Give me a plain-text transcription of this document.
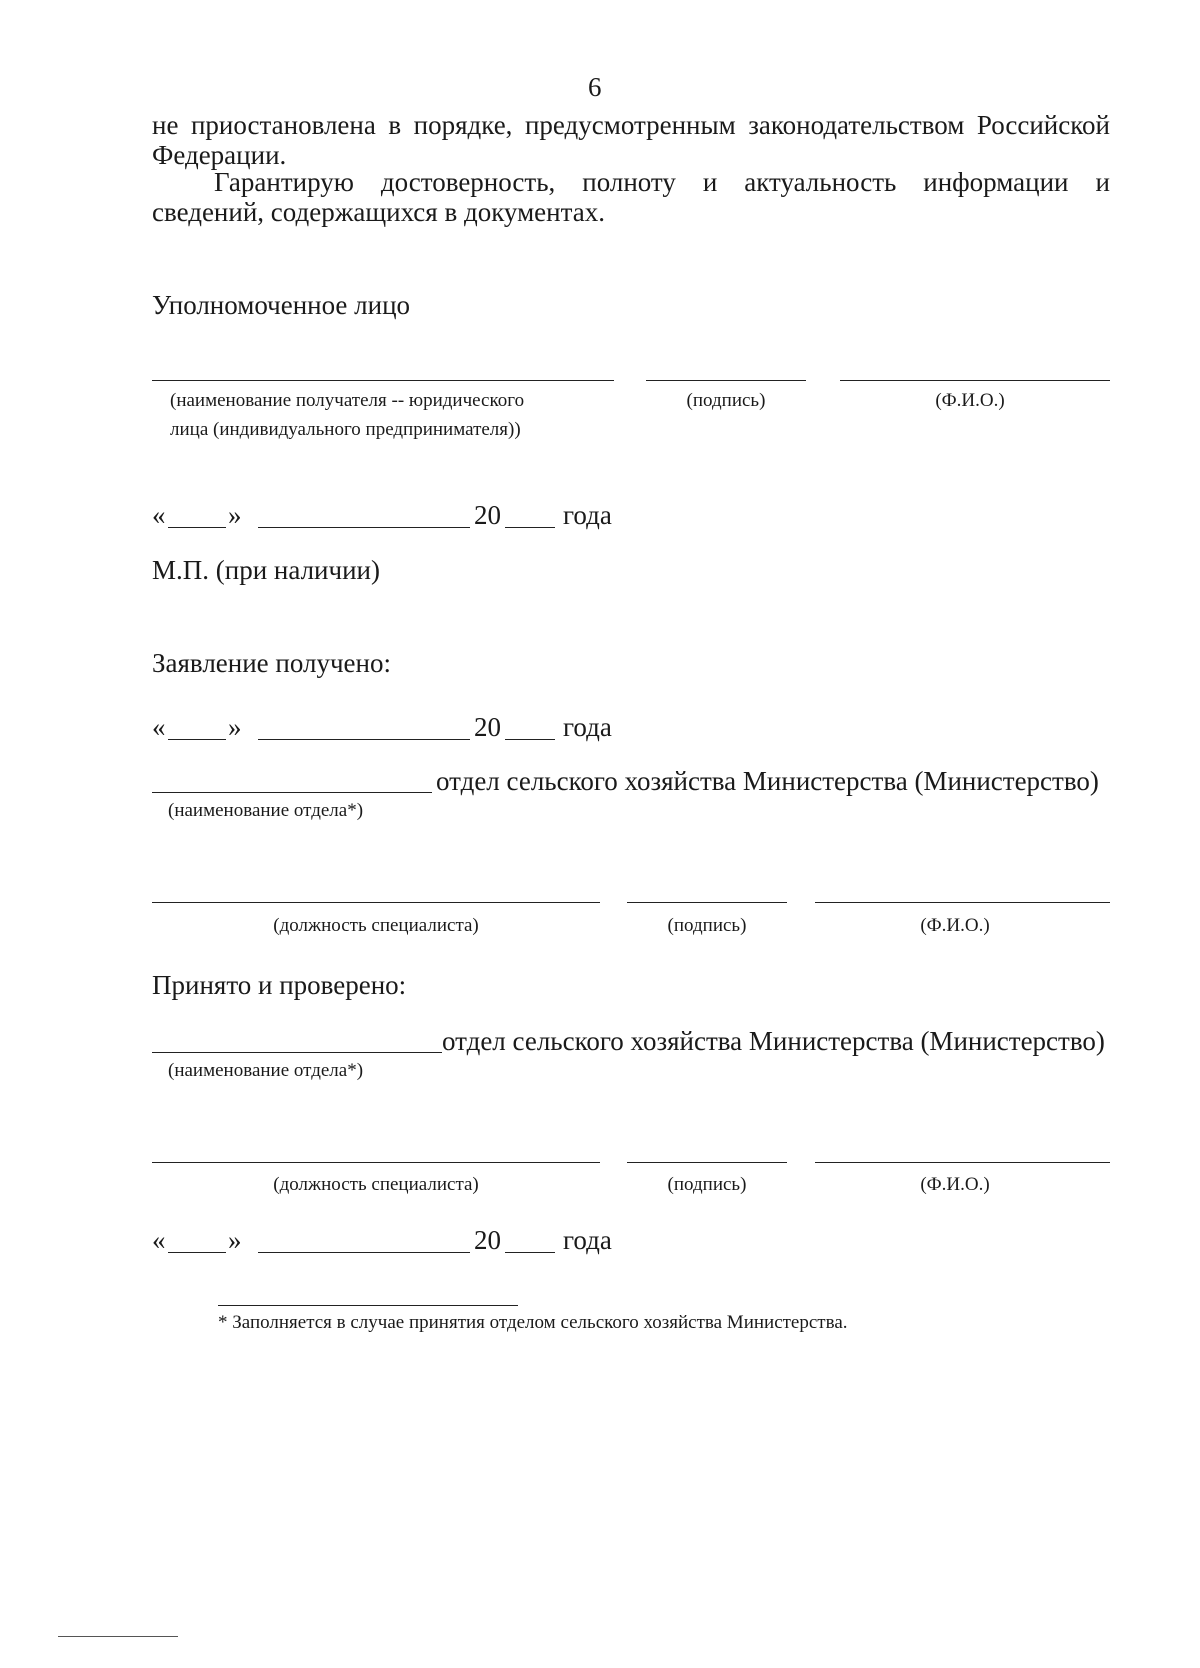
6
не приостановлена в порядке, предусмотренным законодательством Российской
Федерации.
Гарантирую достоверность, полноту и актуальность информации и
сведений, содержащихся в документах.
Уполномоченное лицо
(наименование получателя -- юридического
лица (индивидуального предпринимателя))
(подпись)	(Ф.И.О.)
« »	20 года
М.П. (при наличии)
Заявление получено:
« »	20 года
отдел сельского хозяйства Министерства (Министерство)
(наименование отдела*)
(должность специалиста)	(подпись)	(Ф.И.О.)
Принято и проверено:
отдел сельского хозяйства Министерства (Министерство)
(наименование отдела*)
(должность специалиста)	(подпись)	(Ф.И.О.)
« »	20 года
* Заполняется в случае принятия отделом сельского хозяйства Министерства.
